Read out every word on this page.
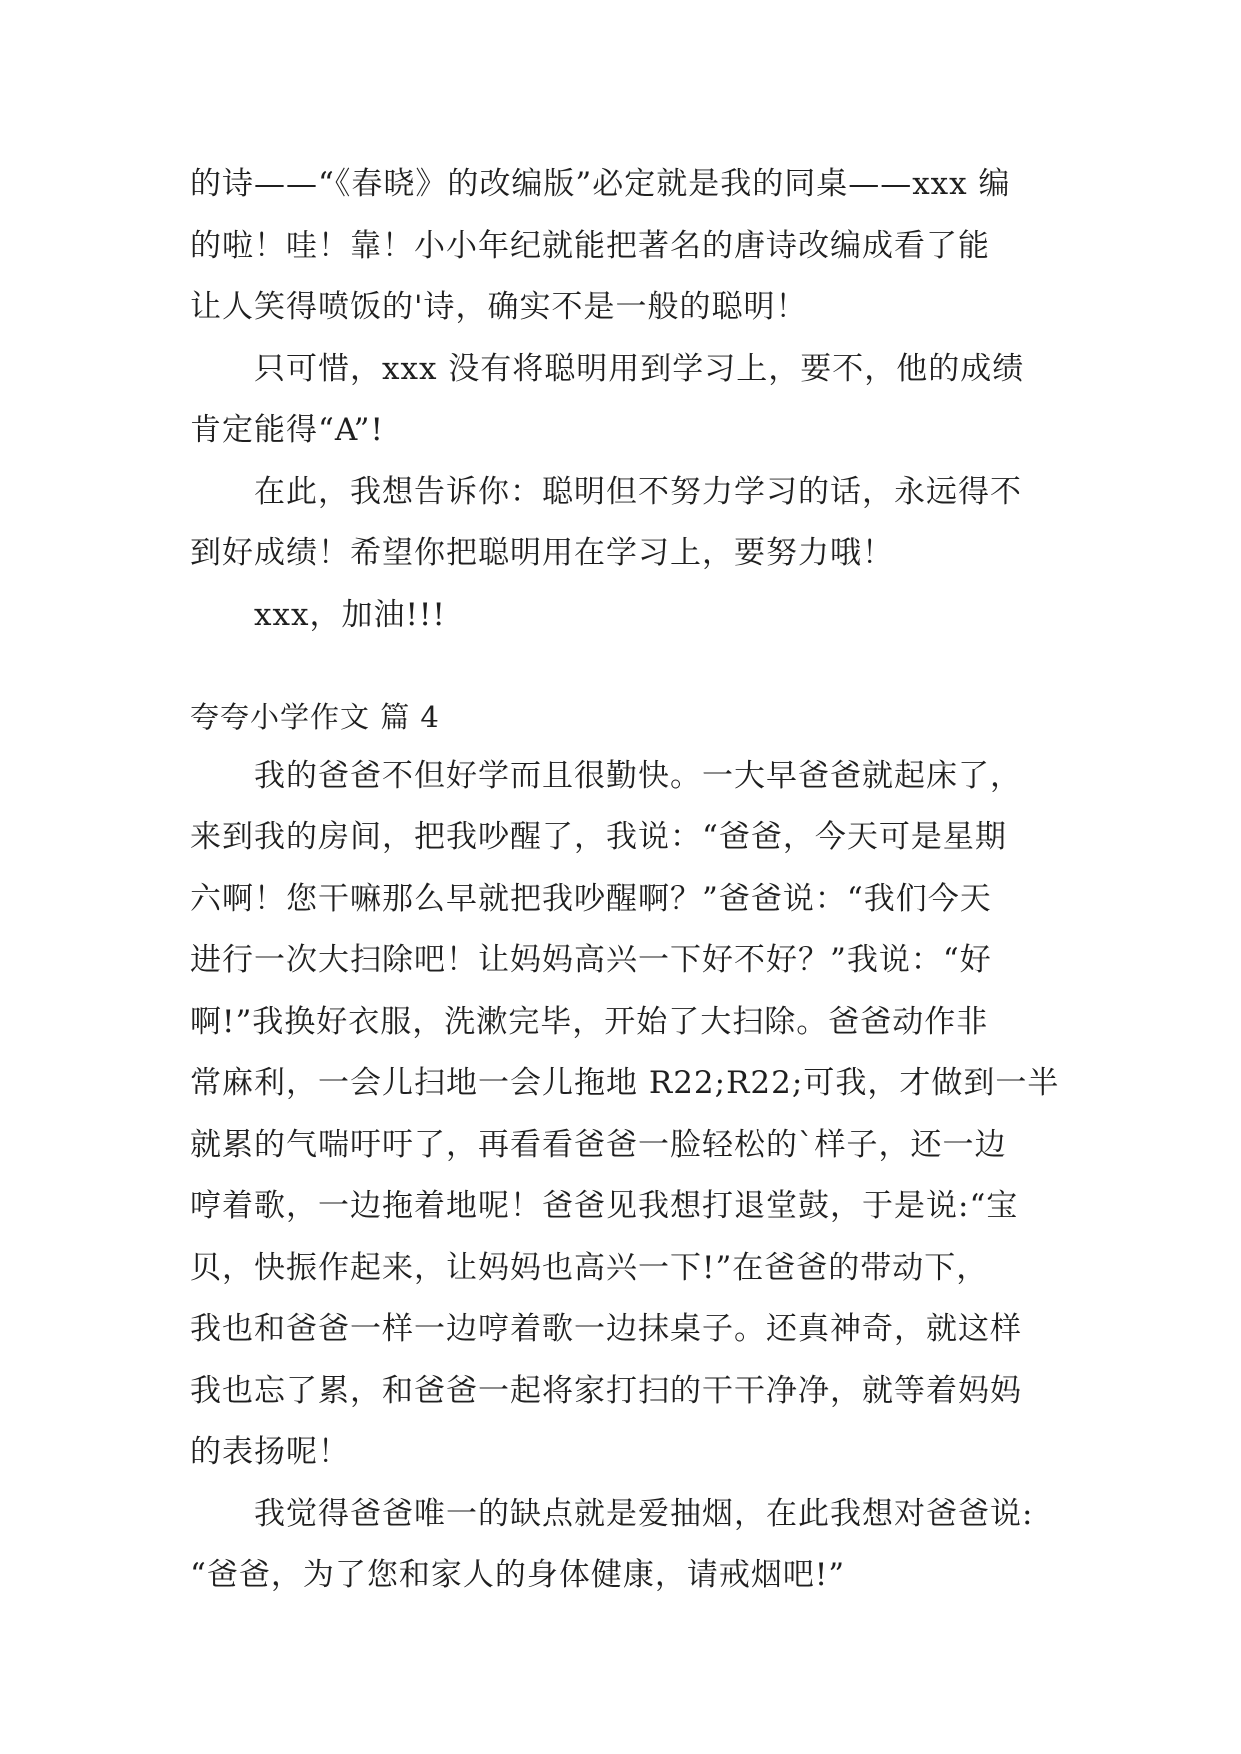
的诗——“《春晓》的改编版”必定就是我的同桌——xxx 编
的啦！哇！靠！小小年纪就能把著名的唐诗改编成看了能
让人笑得喷饭的'诗，确实不是一般的聪明！
只可惜，xxx 没有将聪明用到学习上，要不，他的成绩
肯定能得“A”!
在此，我想告诉你：聪明但不努力学习的话，永远得不
到好成绩！希望你把聪明用在学习上，要努力哦！
xxx，加油!!!
夸夸小学作文 篇 4
我的爸爸不但好学而且很勤快。一大早爸爸就起床了，
来到我的房间，把我吵醒了，我说：“爸爸，今天可是星期
六啊！您干嘛那么早就把我吵醒啊？”爸爸说：“我们今天
进行一次大扫除吧！让妈妈高兴一下好不好？”我说：“好
啊!”我换好衣服，洗漱完毕，开始了大扫除。爸爸动作非
常麻利，一会儿扫地一会儿拖地 R22;R22;可我，才做到一半
就累的气喘吁吁了，再看看爸爸一脸轻松的`样子，还一边
哼着歌，一边拖着地呢！爸爸见我想打退堂鼓，于是说:“宝
贝，快振作起来，让妈妈也高兴一下!”在爸爸的带动下，
我也和爸爸一样一边哼着歌一边抹桌子。还真神奇，就这样
我也忘了累，和爸爸一起将家打扫的干干净净，就等着妈妈
的表扬呢！
我觉得爸爸唯一的缺点就是爱抽烟，在此我想对爸爸说:
“爸爸，为了您和家人的身体健康，请戒烟吧!”
